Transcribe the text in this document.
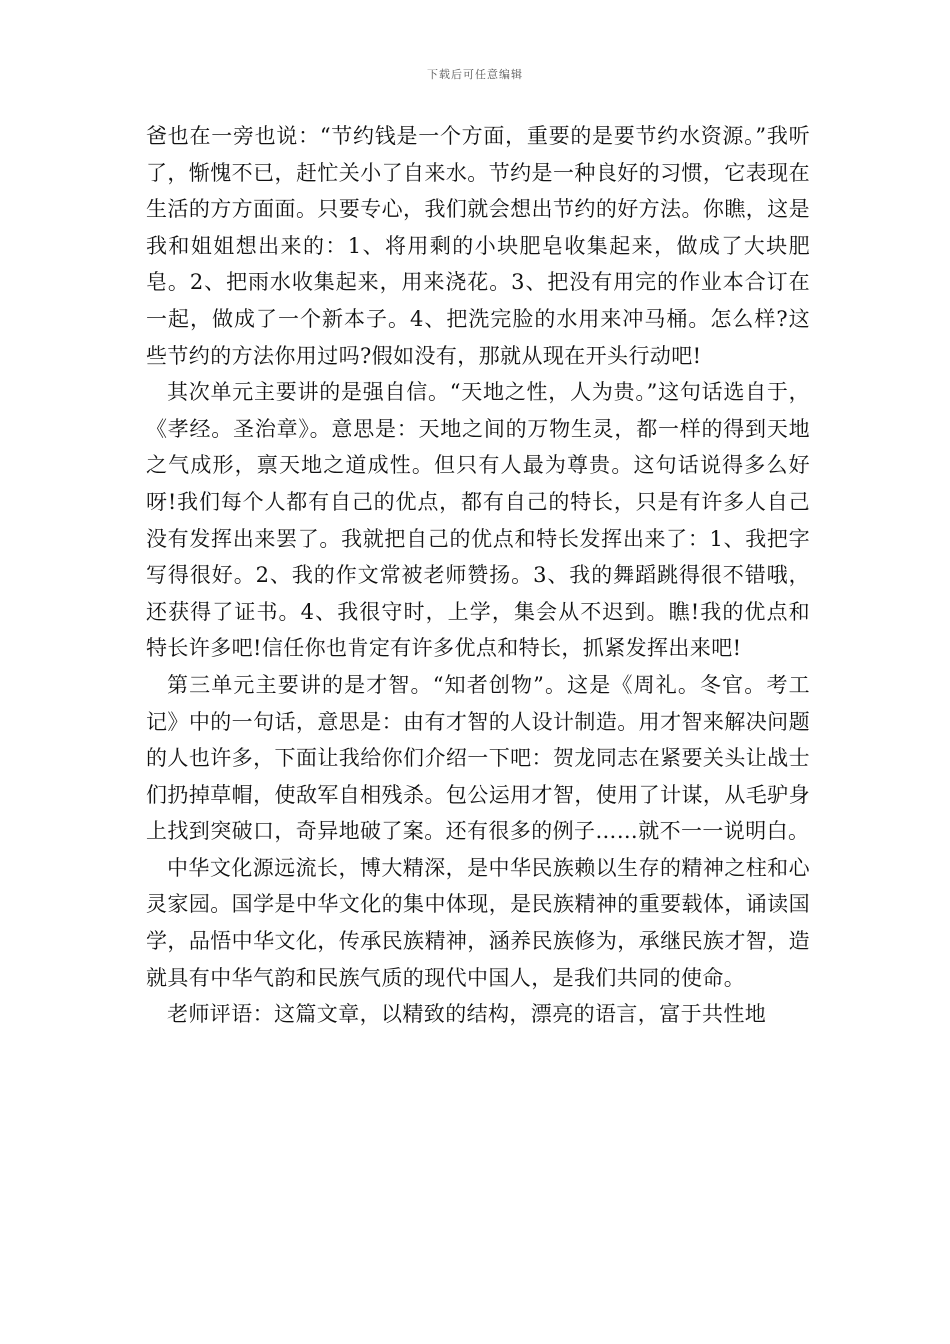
下载后可任意编辑

爸也在一旁也说：“节约钱是一个方面，重要的是要节约水资源。”我听了，惭愧不已，赶忙关小了自来水。节约是一种良好的习惯，它表现在生活的方方面面。只要专心，我们就会想出节约的好方法。你瞧，这是我和姐姐想出来的：1、将用剩的小块肥皂收集起来，做成了大块肥皂。2、把雨水收集起来，用来浇花。3、把没有用完的作业本合订在一起，做成了一个新本子。4、把洗完脸的水用来冲马桶。怎么样?这些节约的方法你用过吗?假如没有，那就从现在开头行动吧!

其次单元主要讲的是强自信。“天地之性，人为贵。”这句话选自于，《孝经。圣治章》。意思是：天地之间的万物生灵，都一样的得到天地之气成形，禀天地之道成性。但只有人最为尊贵。这句话说得多么好呀!我们每个人都有自己的优点，都有自己的特长，只是有许多人自己没有发挥出来罢了。我就把自己的优点和特长发挥出来了：1、我把字写得很好。2、我的作文常被老师赞扬。3、我的舞蹈跳得很不错哦，还获得了证书。4、我很守时，上学，集会从不迟到。瞧!我的优点和特长许多吧!信任你也肯定有许多优点和特长，抓紧发挥出来吧!

第三单元主要讲的是才智。“知者创物”。这是《周礼。冬官。考工记》中的一句话，意思是：由有才智的人设计制造。用才智来解决问题的人也许多，下面让我给你们介绍一下吧：贺龙同志在紧要关头让战士们扔掉草帽，使敌军自相残杀。包公运用才智，使用了计谋，从毛驴身上找到突破口，奇异地破了案。还有很多的例子……就不一一说明白。

中华文化源远流长，博大精深，是中华民族赖以生存的精神之柱和心灵家园。国学是中华文化的集中体现，是民族精神的重要载体，诵读国学，品悟中华文化，传承民族精神，涵养民族修为，承继民族才智，造就具有中华气韵和民族气质的现代中国人，是我们共同的使命。

老师评语：这篇文章，以精致的结构，漂亮的语言，富于共性地
